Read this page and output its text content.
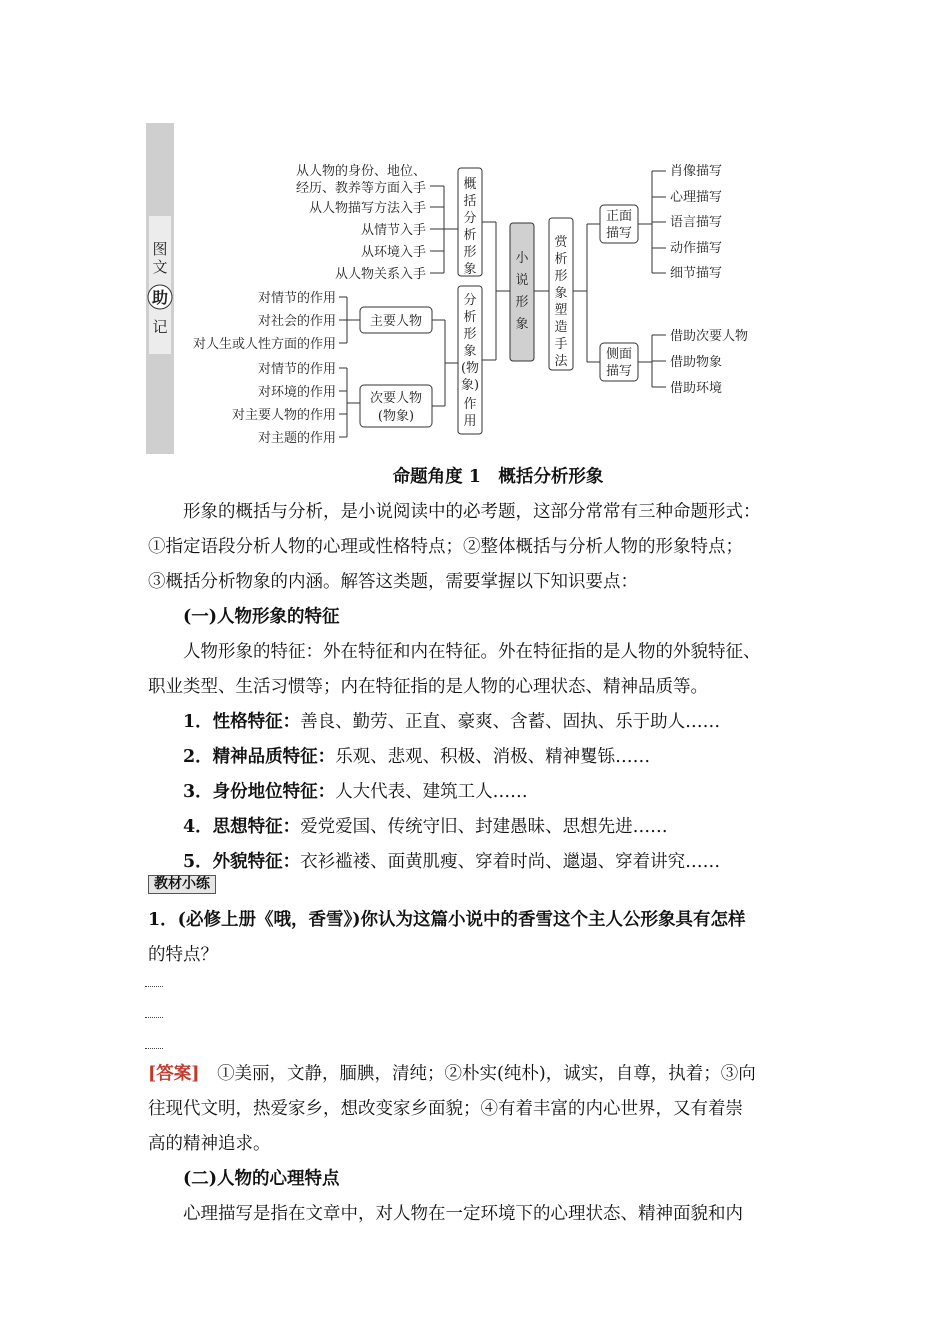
图
文
助
记
从人物的身份、地位、
经历、教养等方面入手
从人物描写方法入手
从情节入手
从环境入手
从人物关系入手
概括分析形象
对情节的作用
对社会的作用
对人生或人性方面的作用
主要人物
对情节的作用
对环境的作用
对主要人物的作用
对主题的作用
次要人物
(物象)
分
析
形
象
(物
象)
作
用
小说形象
赏析形象塑造手法
正面
描写
肖像描写
心理描写
语言描写
动作描写
细节描写
侧面
描写
借助次要人物
借助物象
借助环境
命题角度 1　概括分析形象
形象的概括与分析，是小说阅读中的必考题，这部分常常有三种命题形式：
①指定语段分析人物的心理或性格特点；②整体概括与分析人物的形象特点；
③概括分析物象的内涵。解答这类题，需要掌握以下知识要点：
(一)人物形象的特征
人物形象的特征：外在特征和内在特征。外在特征指的是人物的外貌特征、
职业类型、生活习惯等；内在特征指的是人物的心理状态、精神品质等。
1．性格特征：善良、勤劳、正直、豪爽、含蓄、固执、乐于助人……
2．精神品质特征：乐观、悲观、积极、消极、精神矍铄……
3．身份地位特征：人大代表、建筑工人……
4．思想特征：爱党爱国、传统守旧、封建愚昧、思想先进……
5．外貌特征：衣衫褴褛、面黄肌瘦、穿着时尚、邋遢、穿着讲究……
教材小练
1．(必修上册《哦，香雪》)你认为这篇小说中的香雪这个主人公形象具有怎样
的特点？
[答案]　 ①美丽，文静，腼腆，清纯；②朴实(纯朴)，诚实，自尊，执着；③向
往现代文明，热爱家乡，想改变家乡面貌；④有着丰富的内心世界，又有着崇
高的精神追求。
(二)人物的心理特点
心理描写是指在文章中，对人物在一定环境下的心理状态、精神面貌和内
